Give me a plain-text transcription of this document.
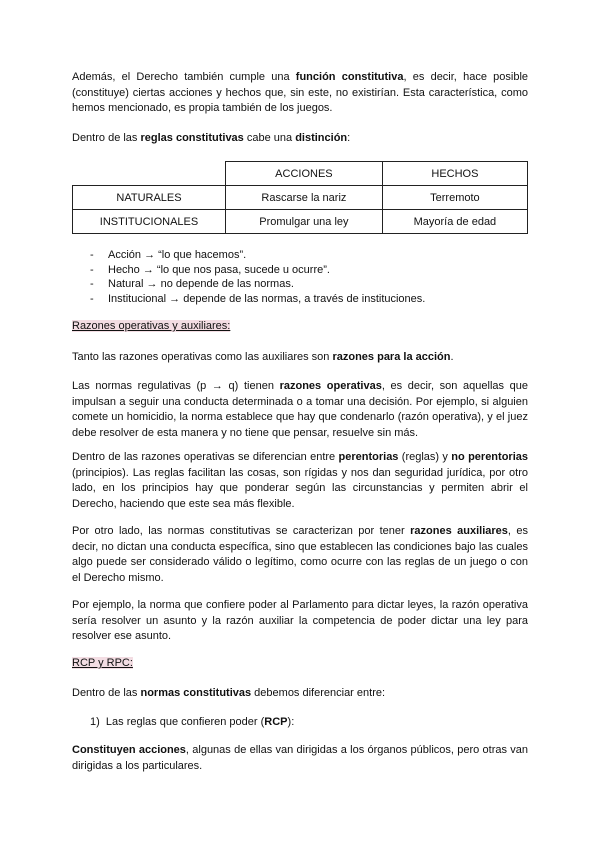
Además, el Derecho también cumple una función constitutiva, es decir, hace posible (constituye) ciertas acciones y hechos que, sin este, no existirían. Esta característica, como hemos mencionado, es propia también de los juegos.

Dentro de las reglas constitutivas cabe una distinción:

	ACCIONES	HECHOS
NATURALES	Rascarse la nariz	Terremoto
INSTITUCIONALES	Promulgar una ley	Mayoría de edad
- Acción → “lo que hacemos”.
- Hecho → “lo que nos pasa, sucede u ocurre”.
- Natural → no depende de las normas.
- Institucional → depende de las normas, a través de instituciones.

Razones operativas y auxiliares:

Tanto las razones operativas como las auxiliares son razones para la acción.

Las normas regulativas (p → q) tienen razones operativas, es decir, son aquellas que impulsan a seguir una conducta determinada o a tomar una decisión. Por ejemplo, si alguien comete un homicidio, la norma establece que hay que condenarlo (razón operativa), y el juez debe resolver de esta manera y no tiene que pensar, resuelve sin más.

Dentro de las razones operativas se diferencian entre perentorias (reglas) y no perentorias (principios). Las reglas facilitan las cosas, son rígidas y nos dan seguridad jurídica, por otro lado, en los principios hay que ponderar según las circunstancias y permiten abrir el Derecho, haciendo que este sea más flexible.

Por otro lado, las normas constitutivas se caracterizan por tener razones auxiliares, es decir, no dictan una conducta específica, sino que establecen las condiciones bajo las cuales algo puede ser considerado válido o legítimo, como ocurre con las reglas de un juego o con el Derecho mismo.

Por ejemplo, la norma que confiere poder al Parlamento para dictar leyes, la razón operativa sería resolver un asunto y la razón auxiliar la competencia de poder dictar una ley para resolver ese asunto.

RCP y RPC:

Dentro de las normas constitutivas debemos diferenciar entre:

1) Las reglas que confieren poder (RCP):

Constituyen acciones, algunas de ellas van dirigidas a los órganos públicos, pero otras van dirigidas a los particulares.
